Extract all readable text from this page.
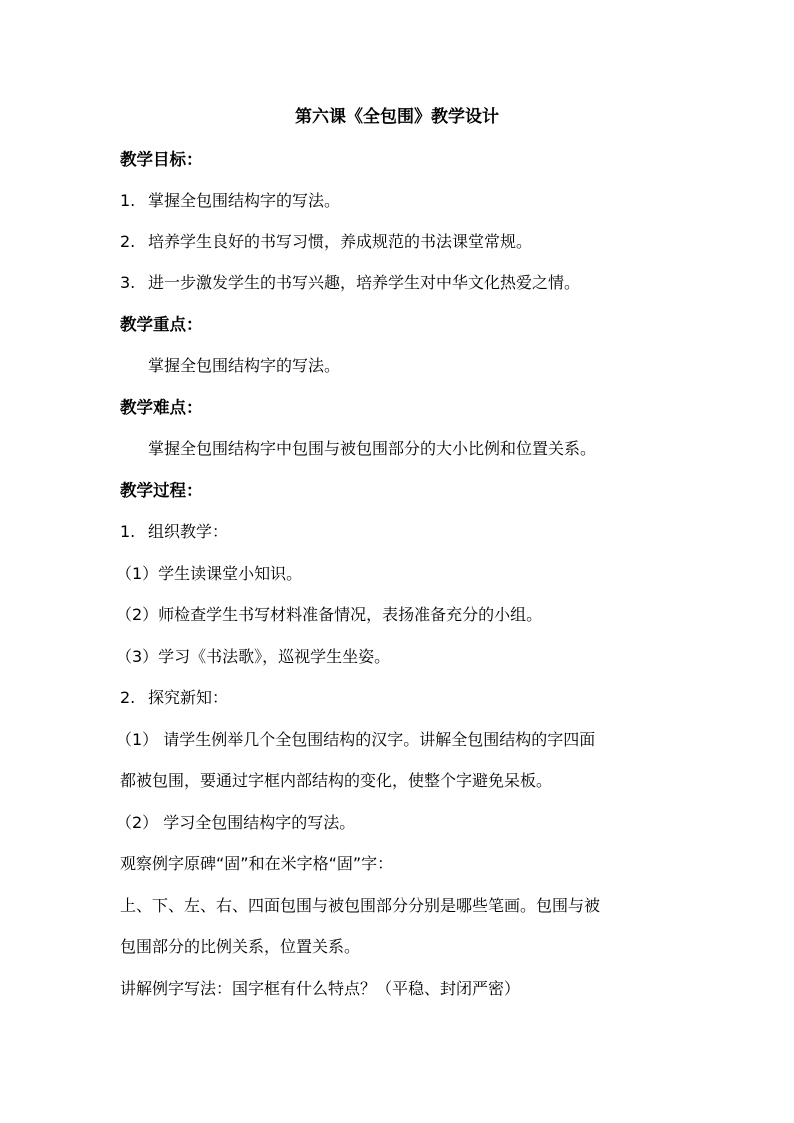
第六课《全包围》教学设计
教学目标：
1. 掌握全包围结构字的写法。
2. 培养学生良好的书写习惯，养成规范的书法课堂常规。
3. 进一步激发学生的书写兴趣，培养学生对中华文化热爱之情。
教学重点：
掌握全包围结构字的写法。
教学难点：
掌握全包围结构字中包围与被包围部分的大小比例和位置关系。
教学过程：
1. 组织教学：
（1）学生读课堂小知识。
（2）师检查学生书写材料准备情况，表扬准备充分的小组。
（3）学习《书法歌》，巡视学生坐姿。
2. 探究新知：
（1） 请学生例举几个全包围结构的汉字。讲解全包围结构的字四面
都被包围，要通过字框内部结构的变化，使整个字避免呆板。
（2） 学习全包围结构字的写法。
观察例字原碑“固”和在米字格“固”字：
上、下、左、右、四面包围与被包围部分分别是哪些笔画。包围与被
包围部分的比例关系，位置关系。
讲解例字写法：国字框有什么特点？（平稳、封闭严密）
